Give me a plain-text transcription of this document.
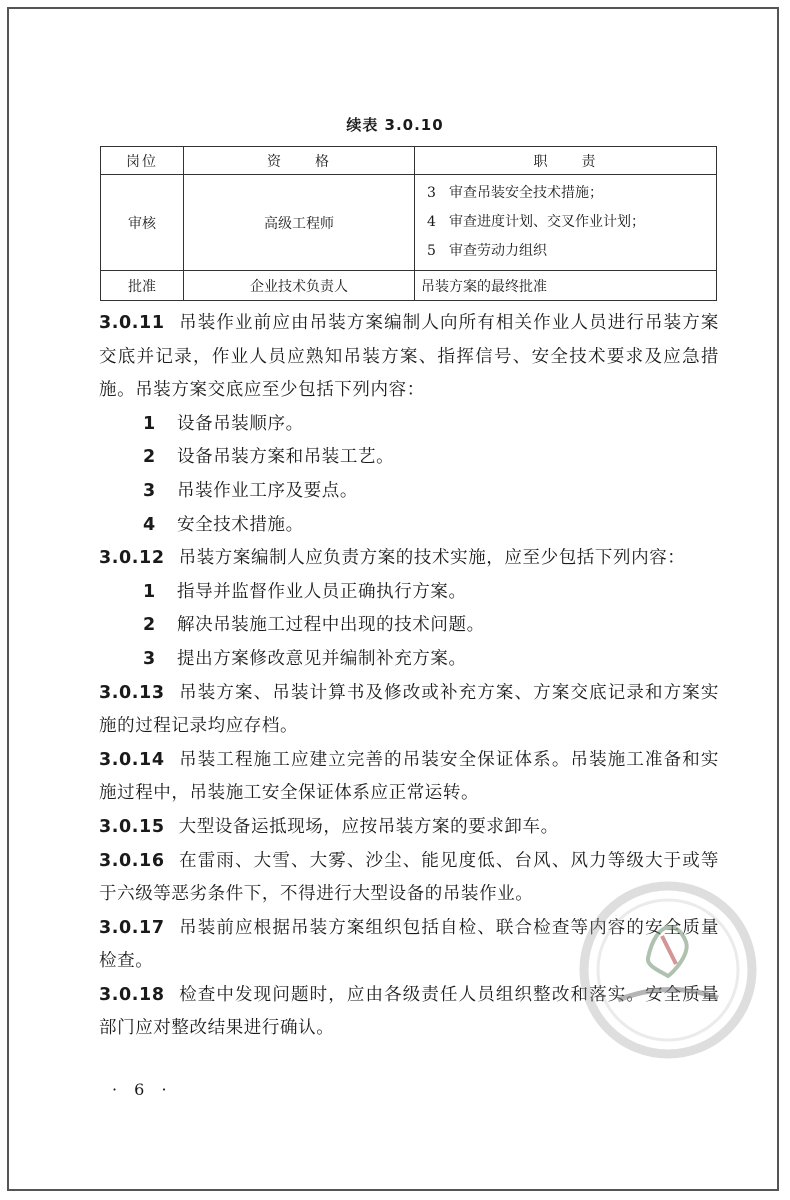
续表 3.0.10
岗位	资　　格	职　　责
审核	高级工程师	3 审查吊装安全技术措施；
4 审查进度计划、交叉作业计划；
5 审查劳动力组织

批准	企业技术负责人	吊装方案的最终批准
3.0.11 吊装作业前应由吊装方案编制人向所有相关作业人员进行吊装方案交底并记录，作业人员应熟知吊装方案、指挥信号、安全技术要求及应急措施。吊装方案交底应至少包括下列内容：
1 设备吊装顺序。
2 设备吊装方案和吊装工艺。
3 吊装作业工序及要点。
4 安全技术措施。
3.0.12 吊装方案编制人应负责方案的技术实施，应至少包括下列内容：
1 指导并监督作业人员正确执行方案。
2 解决吊装施工过程中出现的技术问题。
3 提出方案修改意见并编制补充方案。
3.0.13 吊装方案、吊装计算书及修改或补充方案、方案交底记录和方案实施的过程记录均应存档。
3.0.14 吊装工程施工应建立完善的吊装安全保证体系。吊装施工准备和实施过程中，吊装施工安全保证体系应正常运转。
3.0.15 大型设备运抵现场，应按吊装方案的要求卸车。
3.0.16 在雷雨、大雪、大雾、沙尘、能见度低、台风、风力等级大于或等于六级等恶劣条件下，不得进行大型设备的吊装作业。
3.0.17 吊装前应根据吊装方案组织包括自检、联合检查等内容的安全质量检查。
3.0.18 检查中发现问题时，应由各级责任人员组织整改和落实。安全质量部门应对整改结果进行确认。
· 6 ·
